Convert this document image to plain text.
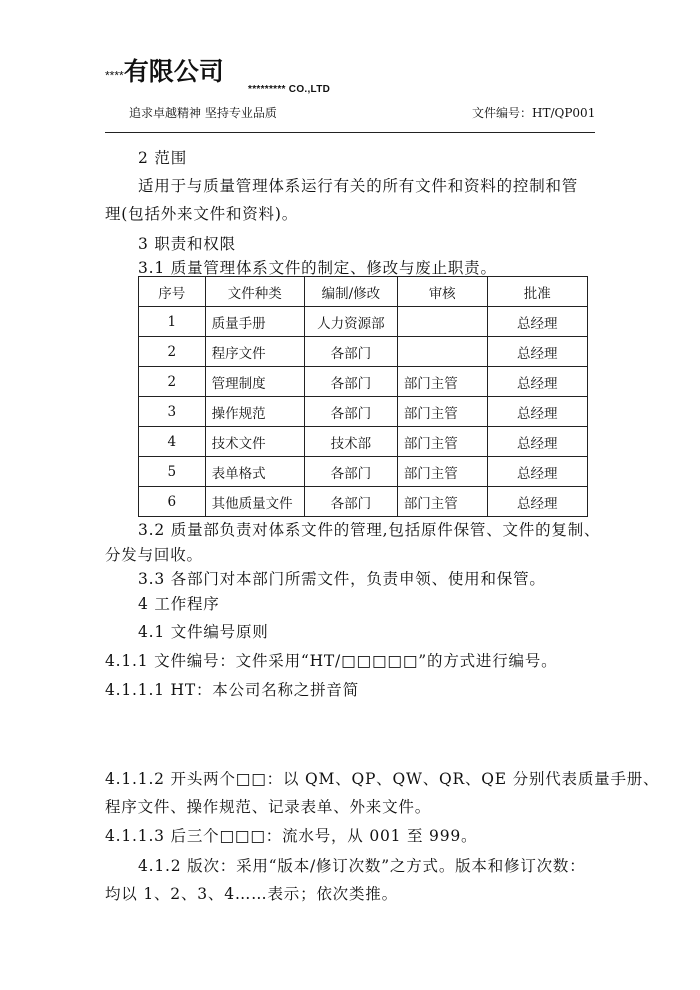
****有限公司
********* CO.,LTD
追求卓越精神 坚持专业品质	文件编号：HT/QP001
2 范围
适用于与质量管理体系运行有关的所有文件和资料的控制和管
理(包括外来文件和资料)。
3 职责和权限
3.1 质量管理体系文件的制定、修改与废止职责。
序号	文件种类	编制/修改	审核	批准
1	质量手册	人力资源部		总经理
2	程序文件	各部门		总经理
2	管理制度	各部门	部门主管	总经理
3	操作规范	各部门	部门主管	总经理
4	技术文件	技术部	部门主管	总经理
5	表单格式	各部门	部门主管	总经理
6	其他质量文件	各部门	部门主管	总经理
3.2 质量部负责对体系文件的管理,包括原件保管、文件的复制、
分发与回收。
3.3 各部门对本部门所需文件，负责申领、使用和保管。
4 工作程序
4.1 文件编号原则
4.1.1 文件编号：文件采用“HT/□□□□□”的方式进行编号。
4.1.1.1 HT：本公司名称之拼音简
4.1.1.2 开头两个□□：以 QM、QP、QW、QR、QE 分别代表质量手册、
程序文件、操作规范、记录表单、外来文件。
4.1.1.3 后三个□□□：流水号，从 001 至 999。
4.1.2 版次：采用“版本/修订次数”之方式。版本和修订次数：
均以 1、2、3、4……表示；依次类推。
